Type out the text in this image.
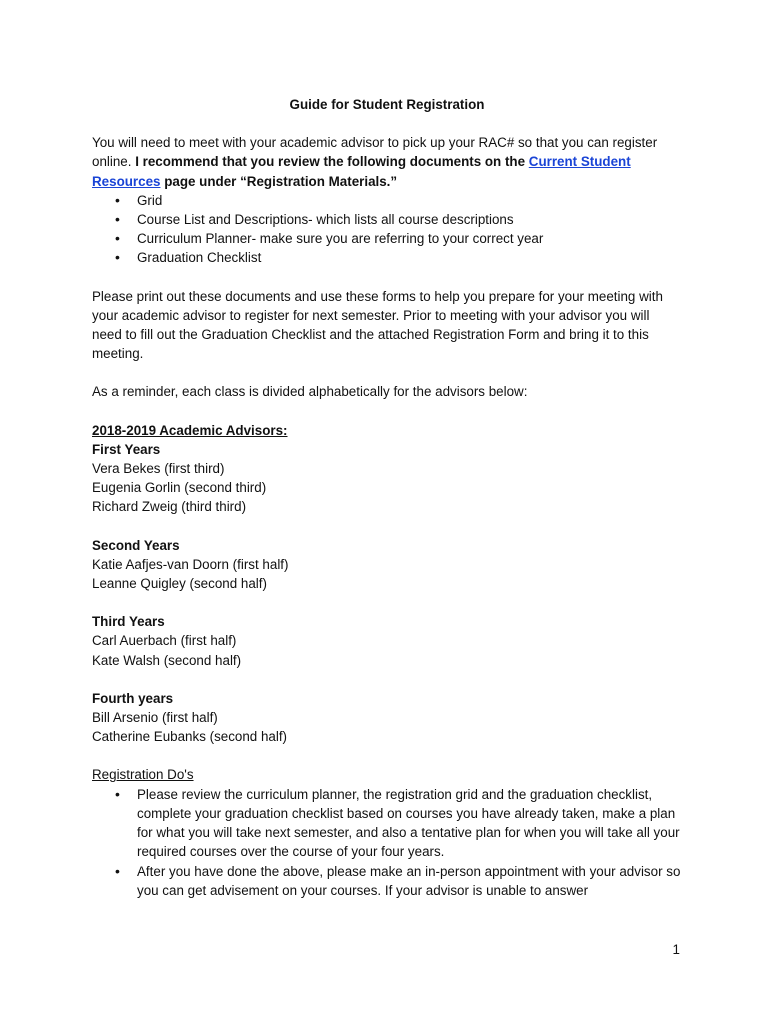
Guide for Student Registration

You will need to meet with your academic advisor to pick up your RAC# so that you can register online. I recommend that you review the following documents on the Current Student Resources page under “Registration Materials.”

• Grid
• Course List and Descriptions- which lists all course descriptions
• Curriculum Planner- make sure you are referring to your correct year
• Graduation Checklist

Please print out these documents and use these forms to help you prepare for your meeting with your academic advisor to register for next semester. Prior to meeting with your advisor you will need to fill out the Graduation Checklist and the attached Registration Form and bring it to this meeting.

As a reminder, each class is divided alphabetically for the advisors below:

2018-2019 Academic Advisors:

First Years

Vera Bekes (first third)

Eugenia Gorlin (second third)

Richard Zweig (third third)

Second Years

Katie Aafjes-van Doorn (first half)

Leanne Quigley (second half)

Third Years

Carl Auerbach (first half)

Kate Walsh (second half)

Fourth years

Bill Arsenio (first half)

Catherine Eubanks (second half)

Registration Do's

• Please review the curriculum planner, the registration grid and the graduation checklist, complete your graduation checklist based on courses you have already taken, make a plan for what you will take next semester, and also a tentative plan for when you will take all your required courses over the course of your four years.
• After you have done the above, please make an in-person appointment with your advisor so you can get advisement on your courses. If your advisor is unable to answer
1
